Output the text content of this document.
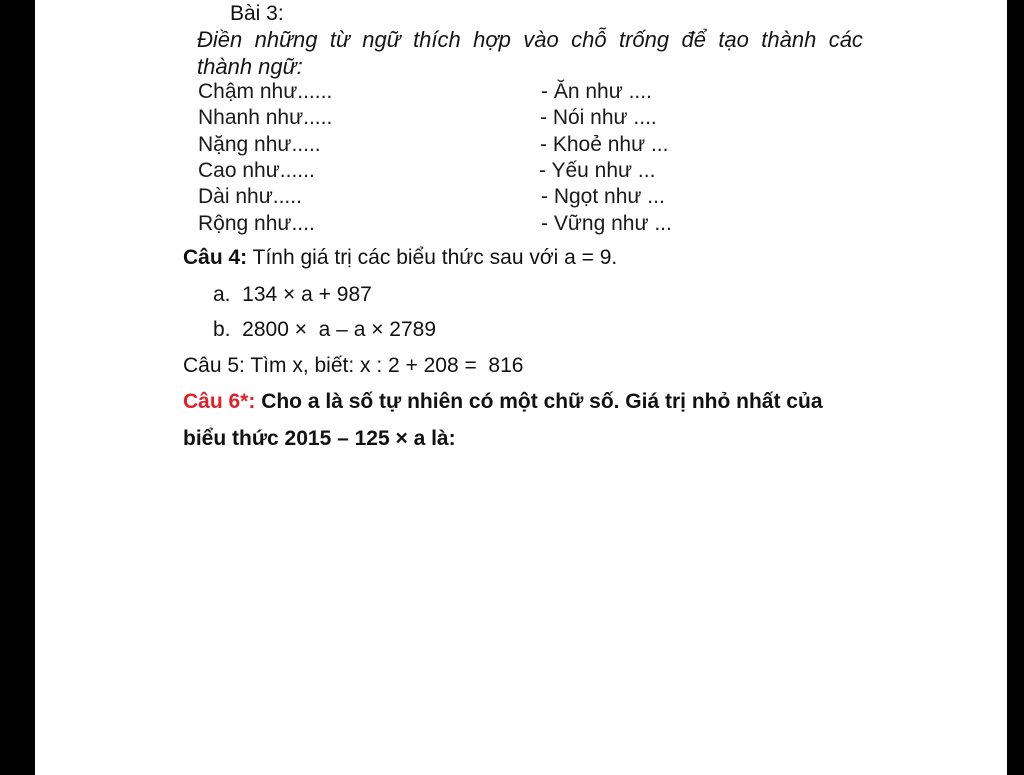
Bài 3:
Điền những từ ngữ thích hợp vào chỗ trống để tạo thành các
thành ngữ:
Chậm như......
Nhanh như.....
Nặng như.....
Cao như......
Dài như.....
Rộng như....
- Ăn như ....
- Nói như ....
- Khoẻ như ...
- Yếu như ...
- Ngọt như ...
- Vững như ...
Câu 4: Tính giá trị các biểu thức sau với a = 9.
a.  134 × a + 987
b.  2800 ×  a – a × 2789
Câu 5: Tìm x, biết: x : 2 + 208 =  816
Câu 6*: Cho a là số tự nhiên có một chữ số. Giá trị nhỏ nhất của
biểu thức 2015 – 125 × a là:
